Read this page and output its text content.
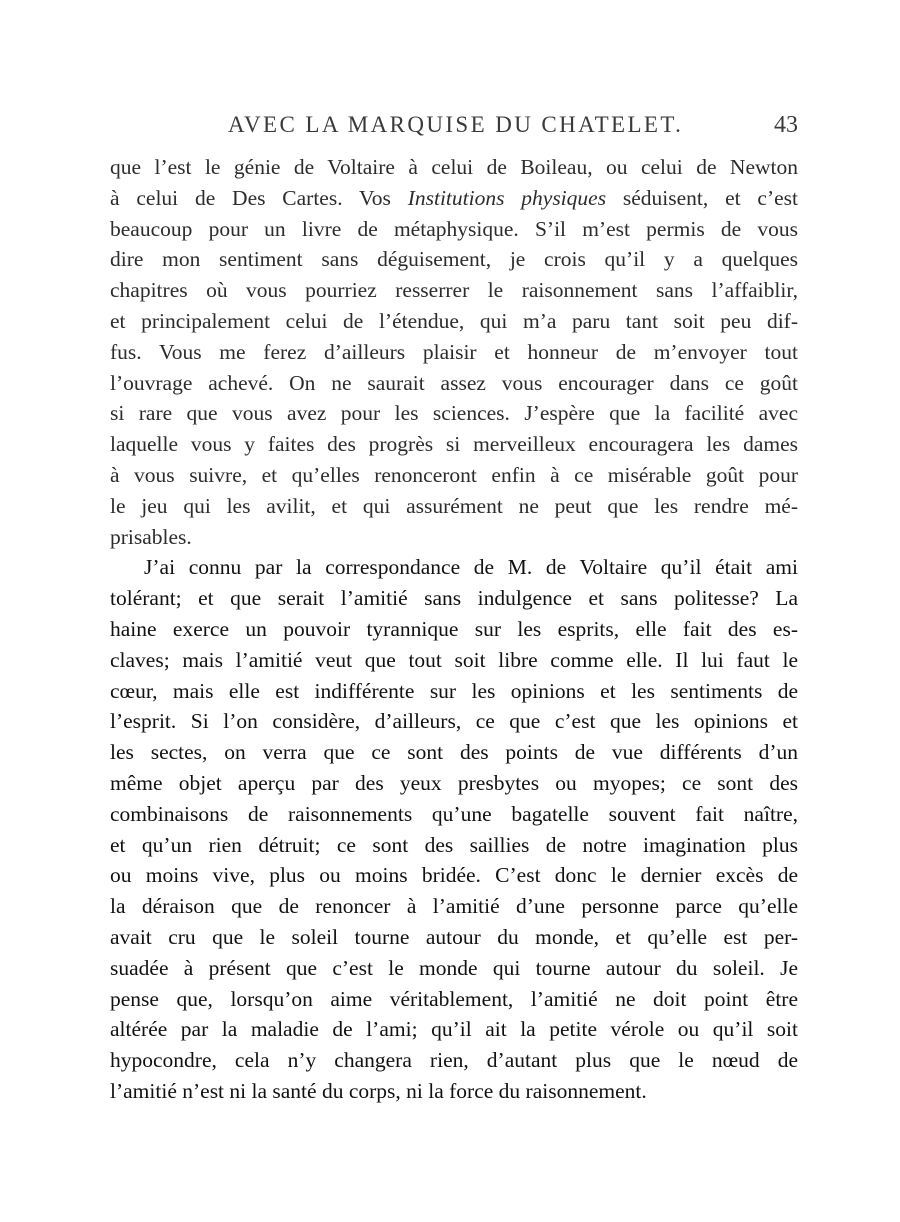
AVEC LA MARQUISE DU CHATELET.	43
que l’est le génie de Voltaire à celui de Boileau, ou celui de Newton
à celui de Des Cartes. Vos Institutions physiques séduisent, et c’est
beaucoup pour un livre de métaphysique. S’il m’est permis de vous
dire mon sentiment sans déguisement, je crois qu’il y a quelques
chapitres où vous pourriez resserrer le raisonnement sans l’affaiblir,
et principalement celui de l’étendue, qui m’a paru tant soit peu dif-
fus. Vous me ferez d’ailleurs plaisir et honneur de m’envoyer tout
l’ouvrage achevé. On ne saurait assez vous encourager dans ce goût
si rare que vous avez pour les sciences. J’espère que la facilité avec
laquelle vous y faites des progrès si merveilleux encouragera les dames
à vous suivre, et qu’elles renonceront enfin à ce misérable goût pour
le jeu qui les avilit, et qui assurément ne peut que les rendre mé-
prisables.
J’ai connu par la correspondance de M. de Voltaire qu’il était ami
tolérant; et que serait l’amitié sans indulgence et sans politesse? La
haine exerce un pouvoir tyrannique sur les esprits, elle fait des es-
claves; mais l’amitié veut que tout soit libre comme elle. Il lui faut le
cœur, mais elle est indifférente sur les opinions et les sentiments de
l’esprit. Si l’on considère, d’ailleurs, ce que c’est que les opinions et
les sectes, on verra que ce sont des points de vue différents d’un
même objet aperçu par des yeux presbytes ou myopes; ce sont des
combinaisons de raisonnements qu’une bagatelle souvent fait naître,
et qu’un rien détruit; ce sont des saillies de notre imagination plus
ou moins vive, plus ou moins bridée. C’est donc le dernier excès de
la déraison que de renoncer à l’amitié d’une personne parce qu’elle
avait cru que le soleil tourne autour du monde, et qu’elle est per-
suadée à présent que c’est le monde qui tourne autour du soleil. Je
pense que, lorsqu’on aime véritablement, l’amitié ne doit point être
altérée par la maladie de l’ami; qu’il ait la petite vérole ou qu’il soit
hypocondre, cela n’y changera rien, d’autant plus que le nœud de
l’amitié n’est ni la santé du corps, ni la force du raisonnement.
